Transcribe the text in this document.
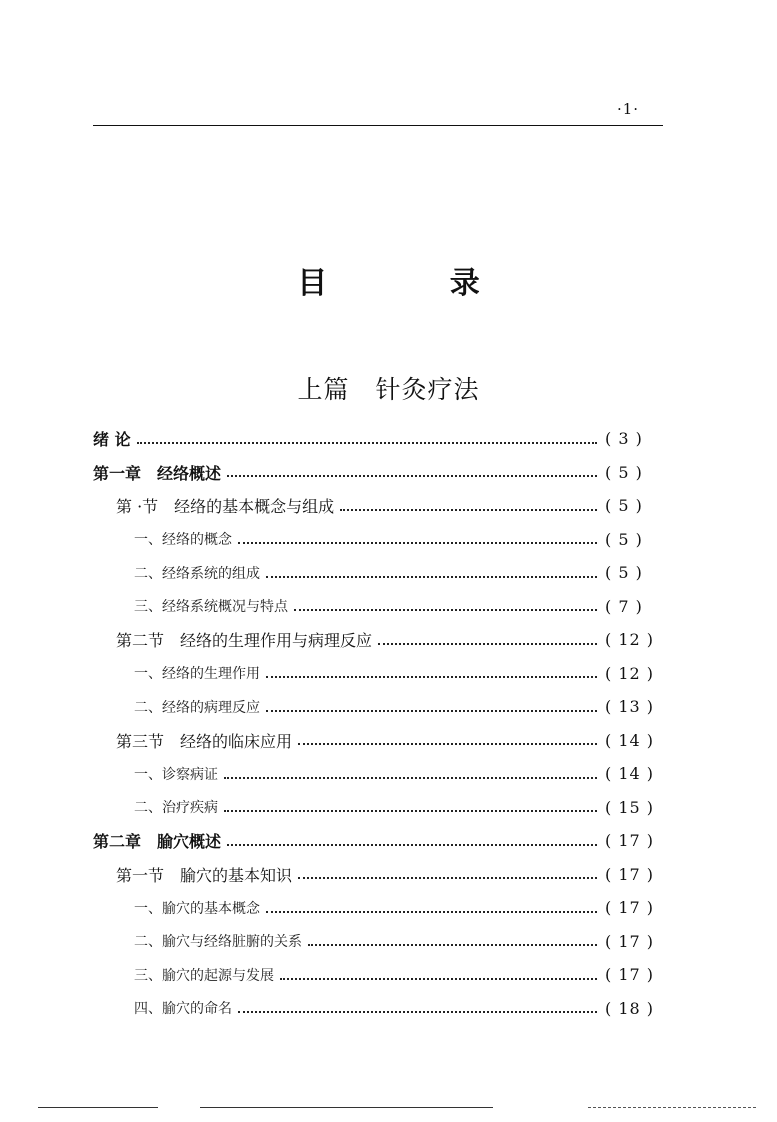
·1·
目 录
上篇　针灸疗法
绪 论	( 3 )
第一章　经络概述	( 5 )
第 ·节　经络的基本概念与组成	( 5 )
一、经络的概念	( 5 )
二、经络系统的组成	( 5 )
三、经络系统概况与特点	( 7 )
第二节　经络的生理作用与病理反应	( 12 )
一、经络的生理作用	( 12 )
二、经络的病理反应	( 13 )
第三节　经络的临床应用	( 14 )
一、诊察病证	( 14 )
二、治疗疾病	( 15 )
第二章　腧穴概述	( 17 )
第一节　腧穴的基本知识	( 17 )
一、腧穴的基本概念	( 17 )
二、腧穴与经络脏腑的关系	( 17 )
三、腧穴的起源与发展	( 17 )
四、腧穴的命名	( 18 )
